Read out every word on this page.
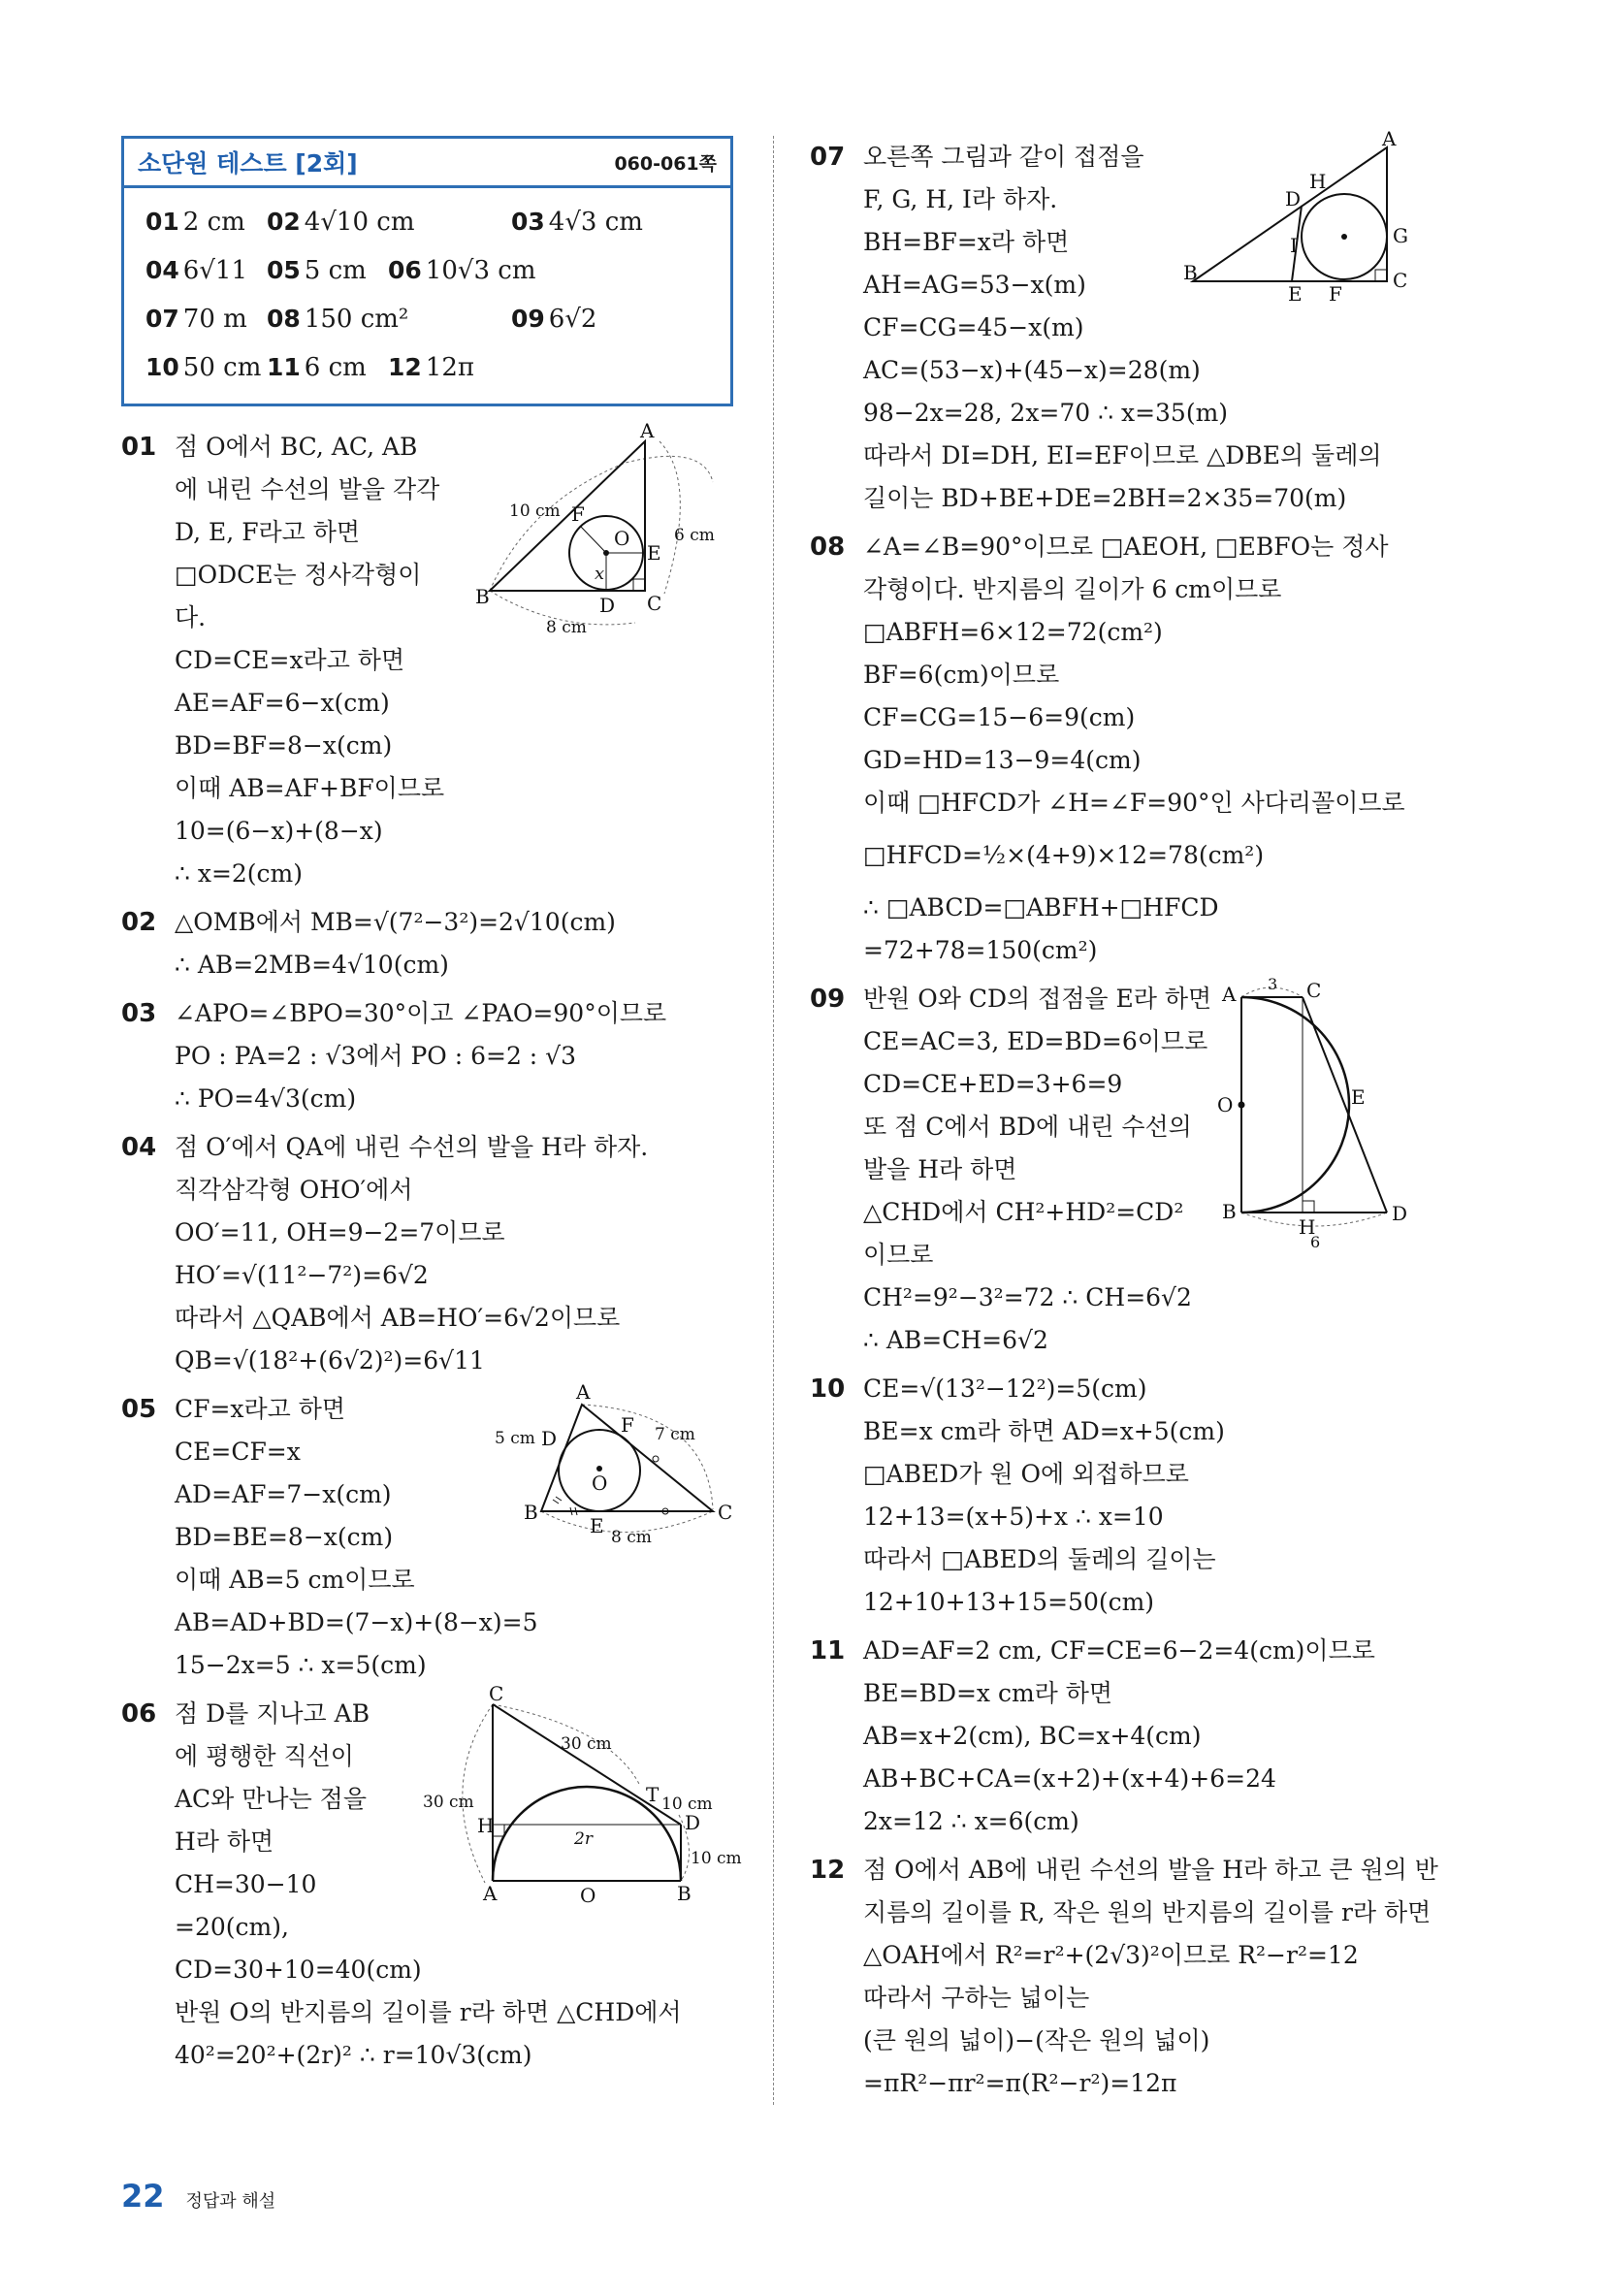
소단원 테스트 [2회]	060-061쪽
01 2 cm 02 4√10 cm	03 4√3 cm
04 6√11 05 5 cm 06 10√3 cm
07 70 m 08 150 cm²	09 6√2
10 50 cm 11 6 cm 12 12π
01 점 O에서 BC, AC, AB
에 내린 수선의 발을 각각
D, E, F라고 하면
□ODCE는 정사각형이
다.
CD=CE=x라고 하면
AE=AF=6−x(cm)
BD=BF=8−x(cm)
이때 AB=AF+BF이므로
10=(6−x)+(8−x)
∴ x=2(cm)
A
B	C
D
E
F
O
x
10 cm
6 cm
8 cm
02 △OMB에서 MB=√(7²−3²)=2√10(cm)
∴ AB=2MB=4√10(cm)
03 ∠APO=∠BPO=30°이고 ∠PAO=90°이므로
PO : PA=2 : √3에서 PO : 6=2 : √3
∴ PO=4√3(cm)
04 점 O′에서 QA에 내린 수선의 발을 H라 하자.
직각삼각형 OHO′에서
OO′=11, OH=9−2=7이므로
HO′=√(11²−7²)=6√2
따라서 △QAB에서 AB=HO′=6√2이므로
QB=√(18²+(6√2)²)=6√11
05 CF=x라고 하면
CE=CF=x
AD=AF=7−x(cm)
BD=BE=8−x(cm)
이때 AB=5 cm이므로
AB=AD+BD=(7−x)+(8−x)=5
15−2x=5 ∴ x=5(cm)
A
B	C
D
E
F
O
5 cm	7 cm
8 cm
06 점 D를 지나고 AB
에 평행한 직선이
AC와 만나는 점을
H라 하면
CH=30−10
=20(cm),
CD=30+10=40(cm)
반원 O의 반지름의 길이를 r라 하면 △CHD에서
40²=20²+(2r)² ∴ r=10√3(cm)
C
A	B
D
H
T
O
30 cm
30 cm
10 cm
10 cm
2r
07 오른쪽 그림과 같이 접점을
F, G, H, I라 하자.
BH=BF=x라 하면
AH=AG=53−x(m)
CF=CG=45−x(m)
AC=(53−x)+(45−x)=28(m)
98−2x=28, 2x=70 ∴ x=35(m)
따라서 DI=DH, EI=EF이므로 △DBE의 둘레의
길이는 BD+BE+DE=2BH=2×35=70(m)
A
B	C
D
E F
G
H
I
08 ∠A=∠B=90°이므로 □AEOH, □EBFO는 정사
각형이다. 반지름의 길이가 6 cm이므로
□ABFH=6×12=72(cm²)
BF=6(cm)이므로
CF=CG=15−6=9(cm)
GD=HD=13−9=4(cm)
이때 □HFCD가 ∠H=∠F=90°인 사다리꼴이므로
□HFCD=½×(4+9)×12=78(cm²)
∴ □ABCD=□ABFH+□HFCD
=72+78=150(cm²)
09 반원 O와 CD의 접점을 E라 하면
CE=AC=3, ED=BD=6이므로
CD=CE+ED=3+6=9
또 점 C에서 BD에 내린 수선의
발을 H라 하면
△CHD에서 CH²+HD²=CD²
이므로
CH²=9²−3²=72 ∴ CH=6√2
∴ AB=CH=6√2
A	C
B	D
E
H
O
3
6
10 CE=√(13²−12²)=5(cm)
BE=x cm라 하면 AD=x+5(cm)
□ABED가 원 O에 외접하므로
12+13=(x+5)+x ∴ x=10
따라서 □ABED의 둘레의 길이는
12+10+13+15=50(cm)
11 AD=AF=2 cm, CF=CE=6−2=4(cm)이므로
BE=BD=x cm라 하면
AB=x+2(cm), BC=x+4(cm)
AB+BC+CA=(x+2)+(x+4)+6=24
2x=12 ∴ x=6(cm)
12 점 O에서 AB에 내린 수선의 발을 H라 하고 큰 원의 반
지름의 길이를 R, 작은 원의 반지름의 길이를 r라 하면
△OAH에서 R²=r²+(2√3)²이므로 R²−r²=12
따라서 구하는 넓이는
(큰 원의 넓이)−(작은 원의 넓이)
=πR²−πr²=π(R²−r²)=12π
22 정답과 해설
